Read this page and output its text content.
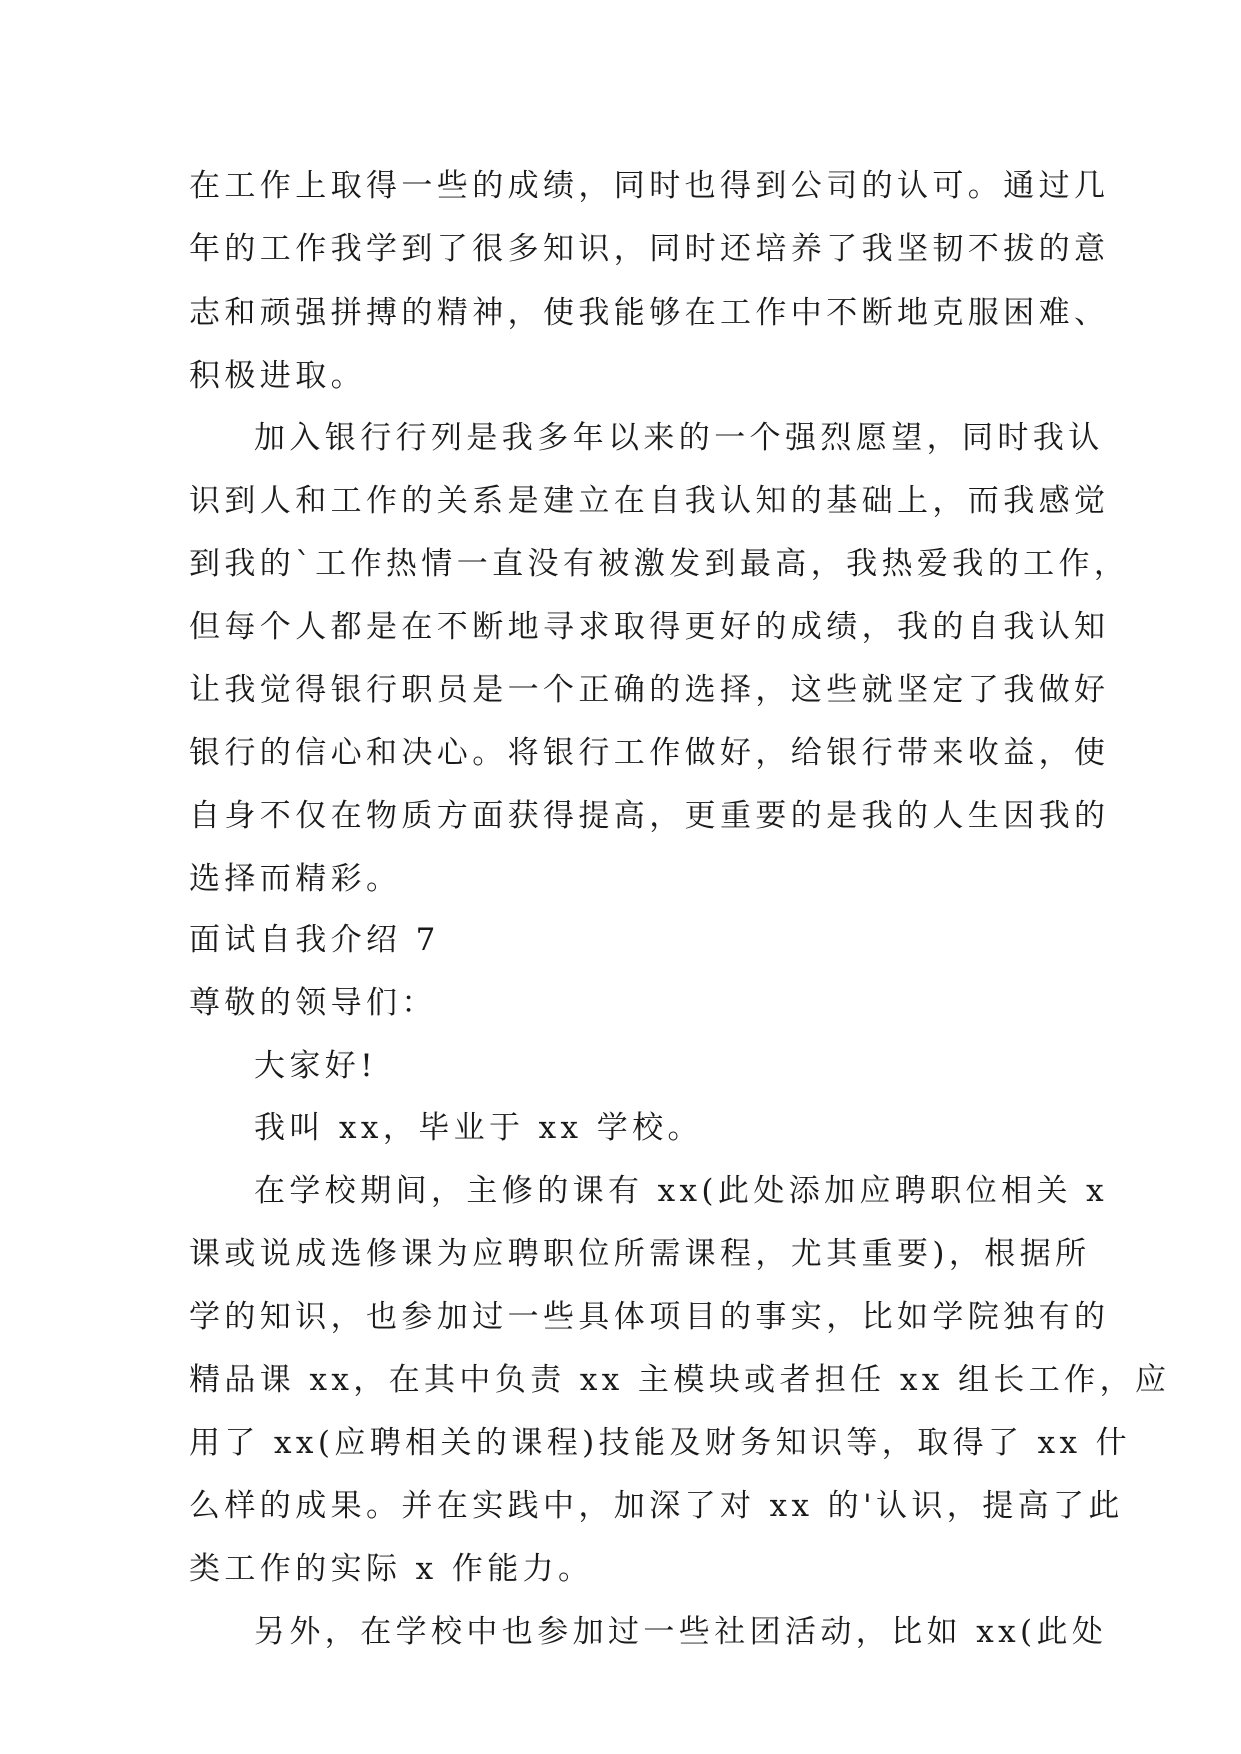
在工作上取得一些的成绩，同时也得到公司的认可。通过几
年的工作我学到了很多知识，同时还培养了我坚韧不拔的意
志和顽强拼搏的精神，使我能够在工作中不断地克服困难、
积极进取。
加入银行行列是我多年以来的一个强烈愿望，同时我认
识到人和工作的关系是建立在自我认知的基础上，而我感觉
到我的`工作热情一直没有被激发到最高，我热爱我的工作，
但每个人都是在不断地寻求取得更好的成绩，我的自我认知
让我觉得银行职员是一个正确的选择，这些就坚定了我做好
银行的信心和决心。将银行工作做好，给银行带来收益，使
自身不仅在物质方面获得提高，更重要的是我的人生因我的
选择而精彩。
面试自我介绍 7
尊敬的领导们：
大家好!
我叫 xx，毕业于 xx 学校。
在学校期间，主修的课有 xx(此处添加应聘职位相关 x
课或说成选修课为应聘职位所需课程，尤其重要)，根据所
学的知识，也参加过一些具体项目的事实，比如学院独有的
精品课 xx，在其中负责 xx 主模块或者担任 xx 组长工作，应
用了 xx(应聘相关的课程)技能及财务知识等，取得了 xx 什
么样的成果。并在实践中，加深了对 xx 的'认识，提高了此
类工作的实际 x 作能力。
另外，在学校中也参加过一些社团活动，比如 xx(此处
